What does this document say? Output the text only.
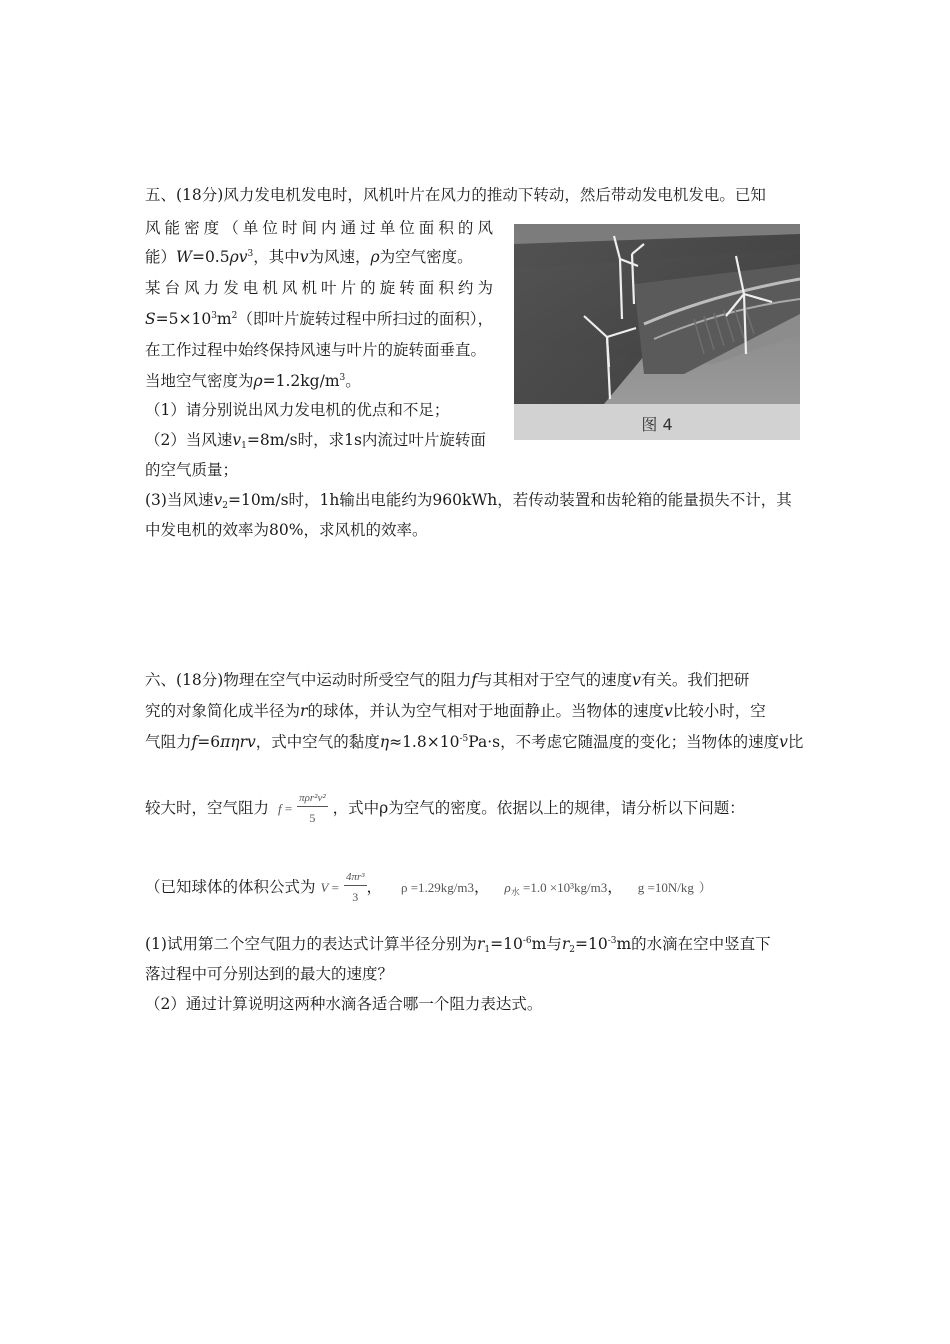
五、(18分)风力发电机发电时，风机叶片在风力的推动下转动，然后带动发电机发电。已知
风能密度（单位时间内通过单位面积的风
能）$W=0.5\rho v^3$，其中v为风速，ρ为空气密度。
某台风力发电机风机叶片的旋转面积约为
$S=5\times 10^3m^2$（即叶片旋转过程中所扫过的面积），
在工作过程中始终保持风速与叶片的旋转面垂直。
当地空气密度为$\rho=1.2kg/m^3$。
（1）请分别说出风力发电机的优点和不足；
（2）当风速$v_1=8m/s$时，求1s内流过叶片旋转面
的空气质量；
(3)当风速$v_2=10m/s$时，1h输出电能约为960kWh，若传动装置和齿轮箱的能量损失不计，其
中发电机的效率为80%，求风机的效率。
图 4
六、(18分)物理在空气中运动时所受空气的阻力f与其相对于空气的速度v有关。我们把研
究的对象简化成半径为r的球体，并认为空气相对于地面静止。当物体的速度v比较小时，空
气阻力f=6πηrv，式中空气的黏度$\eta\approx 1.8\times 10^{-5}Pa\cdot s$，不考虑它随温度的变化；当物体的速度v比
较大时，空气阻力 $f = \frac{\text{πρr²v²}}{5}$ ，式中ρ为空气的密度。依据以上的规律，请分析以下问题：
（已知球体的体积公式为 $V = \frac{\text{4πr³}}{3}$ ， ρ =1.29kg/m3， $\rho_水 =1.0 \times 10^3kg/m3$， g =10N/kg ）
(1)试用第二个空气阻力的表达式计算半径分别为$r_1=10^{-6}m$与$r_2=10^{-3}m$的水滴在空中竖直下
落过程中可分别达到的最大的速度？
（2）通过计算说明这两种水滴各适合哪一个阻力表达式。
